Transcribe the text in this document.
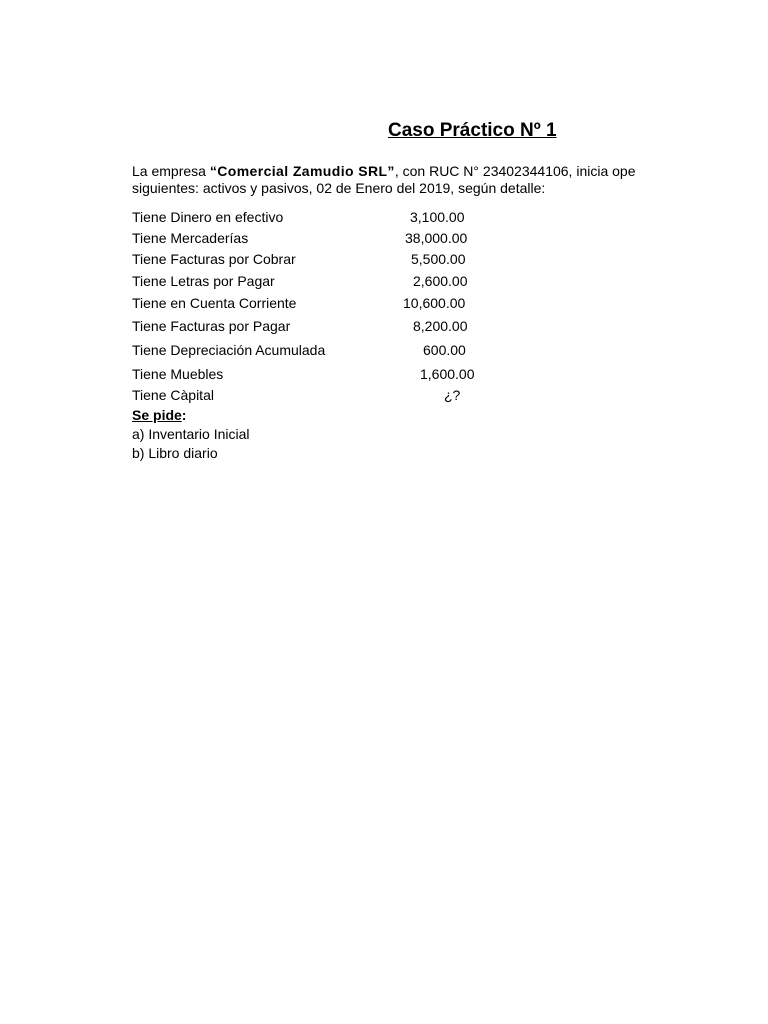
Caso Práctico Nº 1
La empresa “Comercial Zamudio SRL”, con RUC N° 23402344106, inicia ope
siguientes: activos y pasivos, 02 de Enero del 2019, según detalle:
Tiene Dinero en efectivo	3,100.00
Tiene Mercaderías	38,000.00
Tiene Facturas por Cobrar	5,500.00
Tiene Letras por Pagar	2,600.00
Tiene en Cuenta Corriente	10,600.00
Tiene Facturas por Pagar	8,200.00
Tiene Depreciación Acumulada	600.00
Tiene Muebles	1,600.00
Tiene Càpital	¿?
Se pide:
a) Inventario Inicial
b) Libro diario
